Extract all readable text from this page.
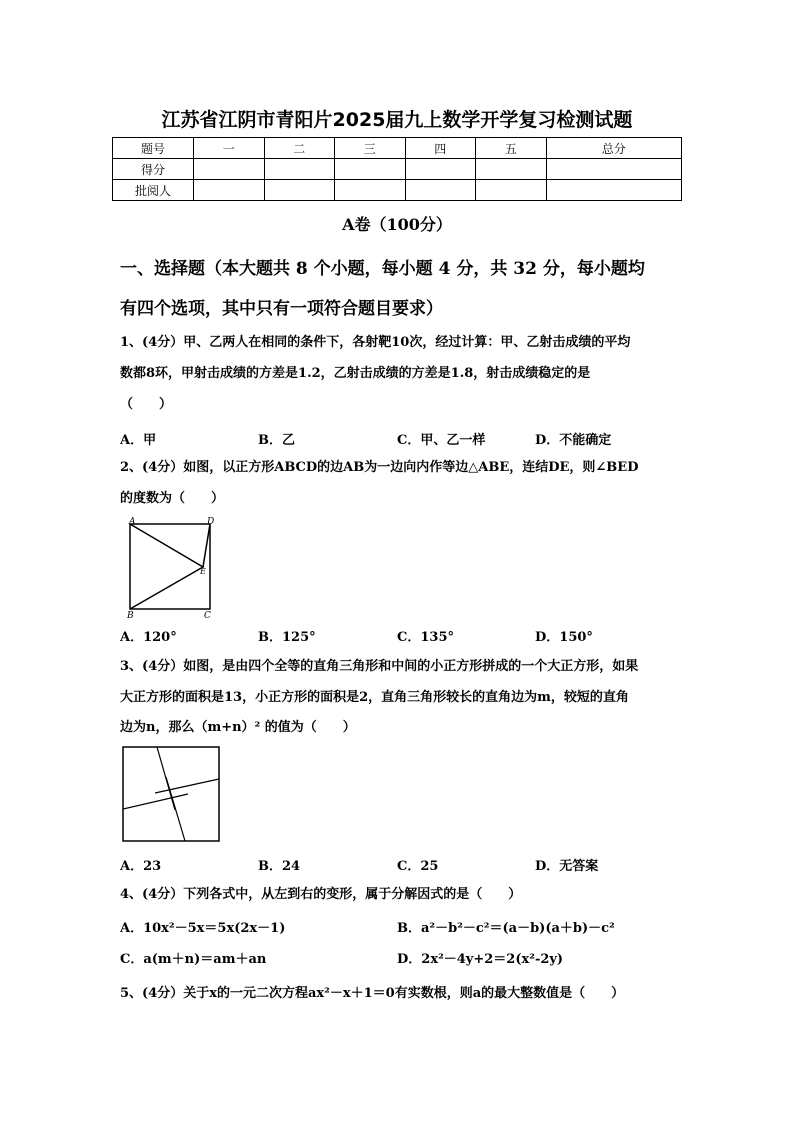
江苏省江阴市青阳片2025届九上数学开学复习检测试题
题号	一	二	三	四	五	总分
得分						
批阅人						
A卷（100分）
一、选择题（本大题共 8 个小题，每小题 4 分，共 32 分，每小题均
有四个选项，其中只有一项符合题目要求）
1、(4分）甲、乙两人在相同的条件下，各射靶10次，经过计算：甲、乙射击成绩的平均
数都8环，甲射击成绩的方差是1.2，乙射击成绩的方差是1.8，射击成绩稳定的是
（　　）
A．甲	B．乙	C．甲、乙一样	D．不能确定
2、(4分）如图，以正方形ABCD的边AB为一边向内作等边△ABE，连结DE，则∠BED
的度数为（　　）
A	D
E
B	C
A．120°	B．125°	C．135°	D．150°
3、(4分）如图，是由四个全等的直角三角形和中间的小正方形拼成的一个大正方形，如果
大正方形的面积是13，小正方形的面积是2，直角三角形较长的直角边为m，较短的直角
边为n，那么（m+n）² 的值为（　　）
A．23	B．24	C．25	D．无答案
4、(4分）下列各式中，从左到右的变形，属于分解因式的是（　　）
A．10x²－5x＝5x(2x－1)	B．a²－b²－c²＝(a－b)(a＋b)－c²
C．a(m＋n)＝am＋an	D．2x²－4y+2＝2(x²-2y)
5、(4分）关于x的一元二次方程ax²－x＋1＝0有实数根，则a的最大整数值是（　　）
